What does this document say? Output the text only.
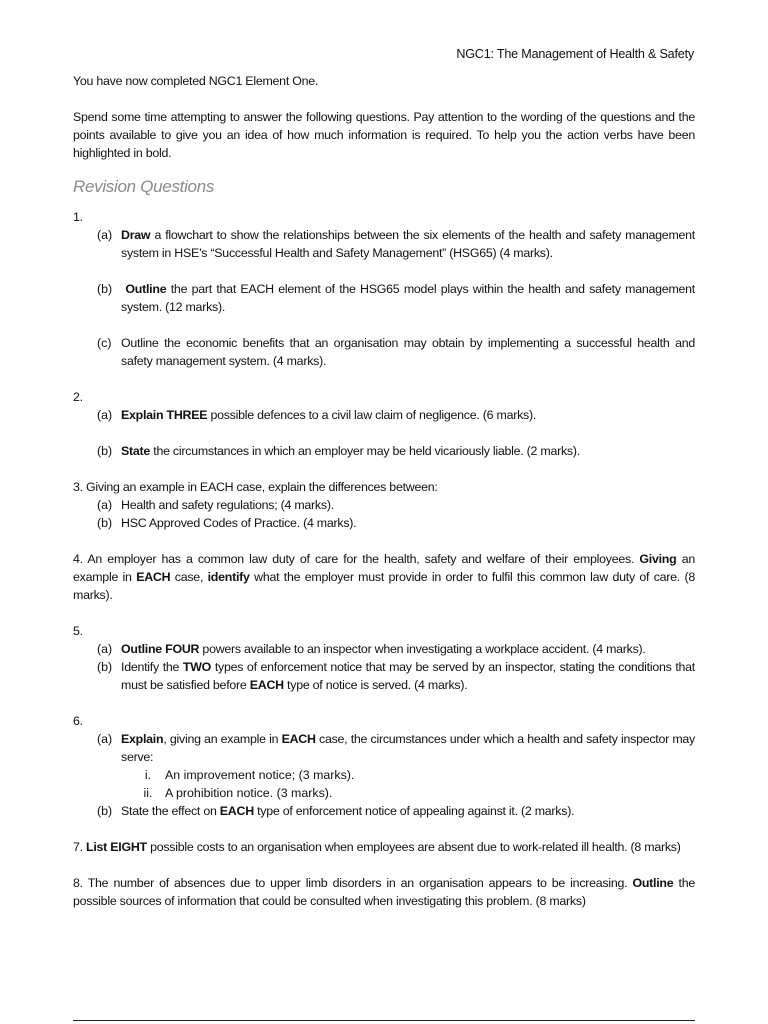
NGC1: The Management of Health & Safety

You have now completed NGC1 Element One.

Spend some time attempting to answer the following questions. Pay attention to the wording of the questions and the points available to give you an idea of how much information is required. To help you the action verbs have been highlighted in bold.

Revision Questions

1.

(a) Draw a flowchart to show the relationships between the six elements of the health and safety management system in HSE’s “Successful Health and Safety Management” (HSG65) (4 marks).
(b)	Outline the part that EACH element of the HSG65 model plays within the health and safety management system. (12 marks).
(c) Outline the economic benefits that an organisation may obtain by implementing a successful health and safety management system. (4 marks).

2.

(a) Explain THREE possible defences to a civil law claim of negligence. (6 marks).
(b) State the circumstances in which an employer may be held vicariously liable. (2 marks).

3. Giving an example in EACH case, explain the differences between:

(a) Health and safety regulations; (4 marks).
(b) HSC Approved Codes of Practice. (4 marks).

4. An employer has a common law duty of care for the health, safety and welfare of their employees. Giving an example in EACH case, identify what the employer must provide in order to fulfil this common law duty of care. (8 marks).

5.

(a) Outline FOUR powers available to an inspector when investigating a workplace accident. (4 marks).
(b) Identify the TWO types of enforcement notice that may be served by an inspector, stating the conditions that must be satisfied before EACH type of notice is served. (4 marks).

6.

(a) Explain, giving an example in EACH case, the circumstances under which a health and safety inspector may serve:
i.	An improvement notice; (3 marks).
ii.	A prohibition notice. (3 marks).
(b) State the effect on EACH type of enforcement notice of appealing against it. (2 marks).

7. List EIGHT possible costs to an organisation when employees are absent due to work-related ill health. (8 marks)

8. The number of absences due to upper limb disorders in an organisation appears to be increasing. Outline the possible sources of information that could be consulted when investigating this problem. (8 marks)
